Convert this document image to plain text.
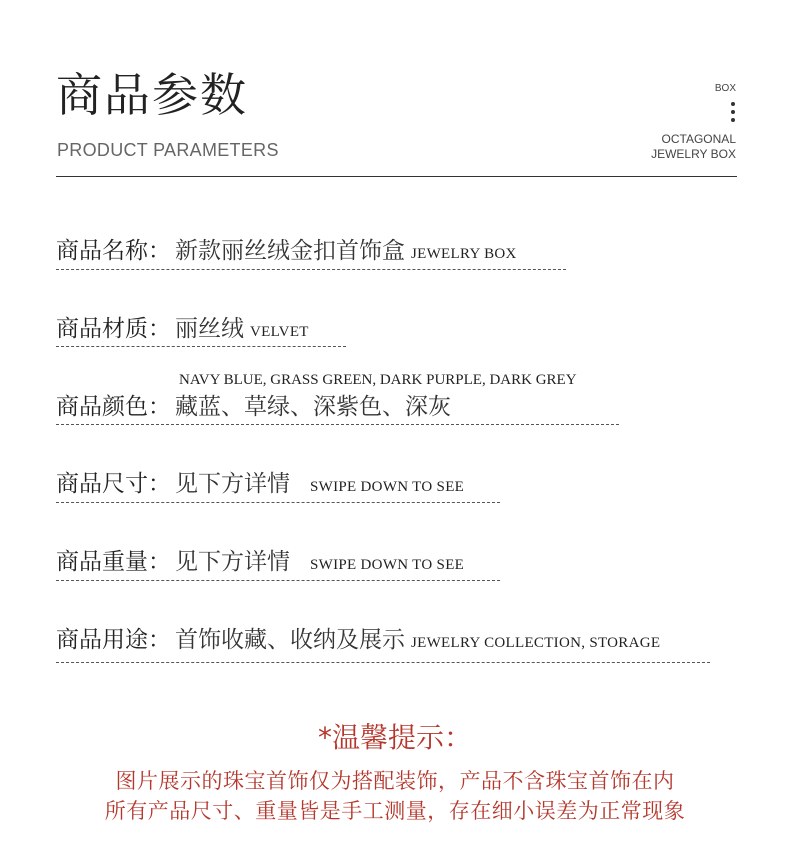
商品参数
PRODUCT PARAMETERS
BOX
OCTAGONAL
JEWELRY BOX
商品名称： 新款丽丝绒金扣首饰盒 JEWELRY BOX
商品材质： 丽丝绒 VELVET
NAVY BLUE, GRASS GREEN, DARK PURPLE, DARK GREY
商品颜色： 藏蓝、草绿、深紫色、深灰
商品尺寸： 见下方详情 SWIPE DOWN TO SEE
商品重量： 见下方详情 SWIPE DOWN TO SEE
商品用途： 首饰收藏、收纳及展示 JEWELRY COLLECTION, STORAGE
*温馨提示：
图片展示的珠宝首饰仅为搭配装饰，产品不含珠宝首饰在内
所有产品尺寸、重量皆是手工测量，存在细小误差为正常现象
